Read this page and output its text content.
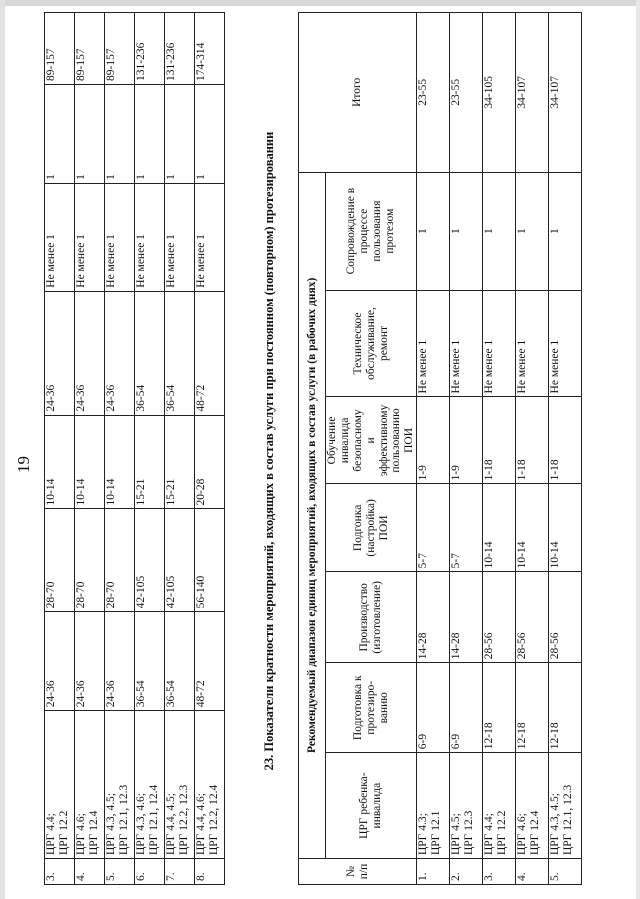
19
3.	ЦРГ 4.4;
ЦРГ 12.2	24-36	28-70	10-14	24-36	Не менее 1	1	89-157
4.	ЦРГ 4.6;
ЦРГ 12.4	24-36	28-70	10-14	24-36	Не менее 1	1	89-157
5.	ЦРГ 4.3, 4.5;
ЦРГ 12.1, 12.3	24-36	28-70	10-14	24-36	Не менее 1	1	89-157
6.	ЦРГ 4.3, 4.6;
ЦРГ 12.1, 12.4	36-54	42-105	15-21	36-54	Не менее 1	1	131-236
7.	ЦРГ 4.4, 4.5;
ЦРГ 12.2, 12.3	36-54	42-105	15-21	36-54	Не менее 1	1	131-236
8.	ЦРГ 4.4, 4.6;
ЦРГ 12.2, 12.4	48-72	56-140	20-28	48-72	Не менее 1	1	174-314
23. Показатели кратности мероприятий, входящих в состав услуги при постоянном (повторном) протезировании
№
п/п	Рекомендуемый диапазон единиц мероприятий, входящих в состав услуги (в рабочих днях)							Итого
	ЦРГ ребенка-
инвалида	Подготовка к
протезиро-
ванию	Производство
(изготовление)	Подгонка
(настройка)
ПОИ	Обучение
инвалида
безопасному
и эффективному
пользованию ПОИ	Техническое
обслуживание,
ремонт	Сопровождение в
процессе
пользования
протезом	
1.	ЦРГ 4.3;
ЦРГ 12.1	6-9	14-28	5-7	1-9	Не менее 1	1	23-55
2.	ЦРГ 4.5;
ЦРГ 12.3	6-9	14-28	5-7	1-9	Не менее 1	1	23-55
3.	ЦРГ 4.4;
ЦРГ 12.2	12-18	28-56	10-14	1-18	Не менее 1	1	34-105
4.	ЦРГ 4.6;
ЦРГ 12.4	12-18	28-56	10-14	1-18	Не менее 1	1	34-107
5.	ЦРГ 4.3, 4.5;
ЦРГ 12.1, 12.3	12-18	28-56	10-14	1-18	Не менее 1	1	34-107
